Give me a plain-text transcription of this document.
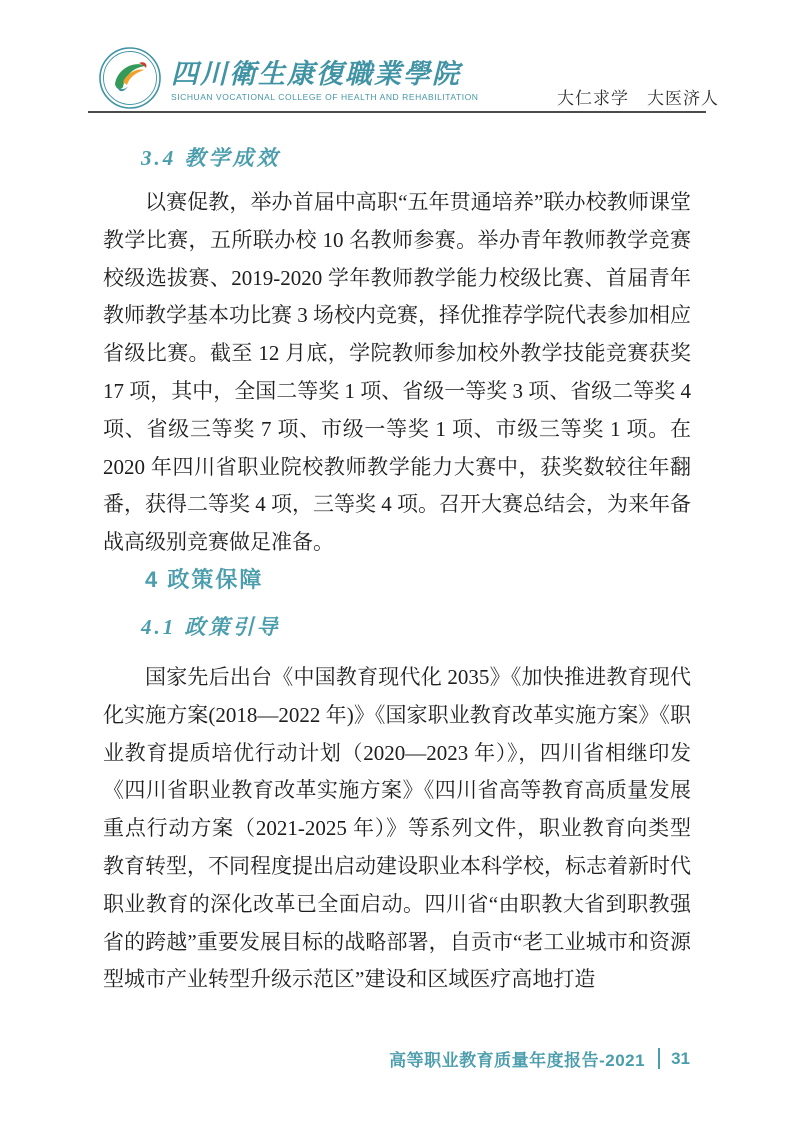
四川衛生康復職業學院
SICHUAN VOCATIONAL COLLEGE OF HEALTH AND REHABILITATION	大仁求学　大医济人
3.4 教学成效
以赛促教，举办首届中高职“五年贯通培养”联办校教师课堂教学比赛，五所联办校 10 名教师参赛。举办青年教师教学竞赛校级选拔赛、2019-2020 学年教师教学能力校级比赛、首届青年教师教学基本功比赛 3 场校内竞赛，择优推荐学院代表参加相应省级比赛。截至 12 月底，学院教师参加校外教学技能竞赛获奖 17 项，其中，全国二等奖 1 项、省级一等奖 3 项、省级二等奖 4 项、省级三等奖 7 项、市级一等奖 1 项、市级三等奖 1 项。在 2020 年四川省职业院校教师教学能力大赛中，获奖数较往年翻番，获得二等奖 4 项，三等奖 4 项。召开大赛总结会，为来年备战高级别竞赛做足准备。
4 政策保障
4.1 政策引导
国家先后出台《中国教育现代化 2035》《加快推进教育现代化实施方案(2018—2022 年)》《国家职业教育改革实施方案》《职业教育提质培优行动计划（2020—2023 年）》，四川省相继印发《四川省职业教育改革实施方案》《四川省高等教育高质量发展重点行动方案（2021-2025 年）》等系列文件，职业教育向类型教育转型，不同程度提出启动建设职业本科学校，标志着新时代职业教育的深化改革已全面启动。四川省“由职教大省到职教强省的跨越”重要发展目标的战略部署，自贡市“老工业城市和资源型城市产业转型升级示范区”建设和区域医疗高地打造
高等职业教育质量年度报告-2021 31
